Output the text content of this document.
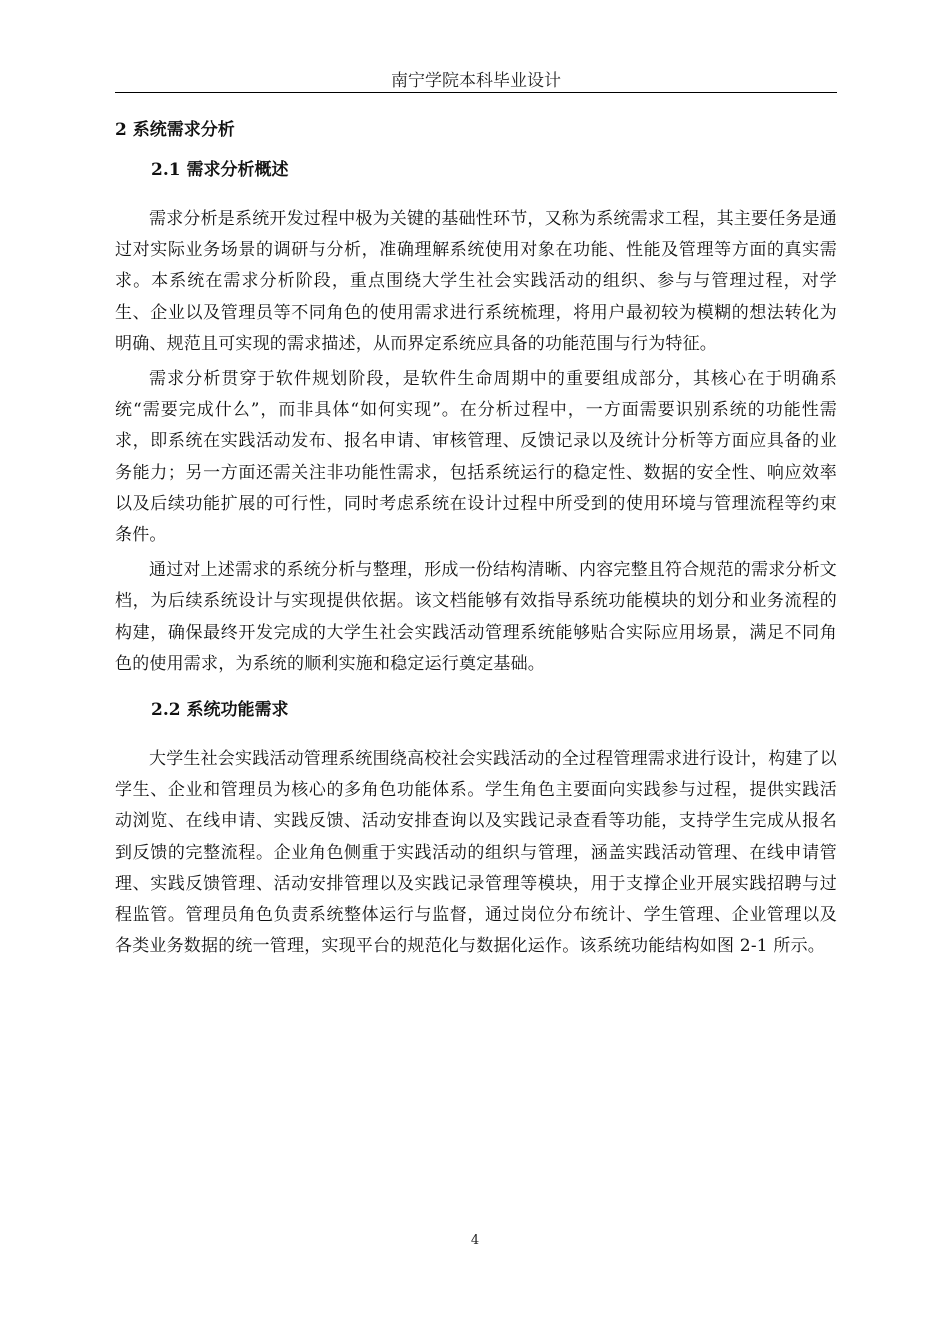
南宁学院本科毕业设计
2 系统需求分析
2.1 需求分析概述

需求分析是系统开发过程中极为关键的基础性环节，又称为系统需求工程，其主要任务是通过对实际业务场景的调研与分析，准确理解系统使用对象在功能、性能及管理等方面的真实需求。本系统在需求分析阶段，重点围绕大学生社会实践活动的组织、参与与管理过程，对学生、企业以及管理员等不同角色的使用需求进行系统梳理，将用户最初较为模糊的想法转化为明确、规范且可实现的需求描述，从而界定系统应具备的功能范围与行为特征。

需求分析贯穿于软件规划阶段，是软件生命周期中的重要组成部分，其核心在于明确系统“需要完成什么”，而非具体“如何实现”。在分析过程中，一方面需要识别系统的功能性需求，即系统在实践活动发布、报名申请、审核管理、反馈记录以及统计分析等方面应具备的业务能力；另一方面还需关注非功能性需求，包括系统运行的稳定性、数据的安全性、响应效率以及后续功能扩展的可行性，同时考虑系统在设计过程中所受到的使用环境与管理流程等约束条件。

通过对上述需求的系统分析与整理，形成一份结构清晰、内容完整且符合规范的需求分析文档，为后续系统设计与实现提供依据。该文档能够有效指导系统功能模块的划分和业务流程的构建，确保最终开发完成的大学生社会实践活动管理系统能够贴合实际应用场景，满足不同角色的使用需求，为系统的顺利实施和稳定运行奠定基础。

2.2 系统功能需求

大学生社会实践活动管理系统围绕高校社会实践活动的全过程管理需求进行设计，构建了以学生、企业和管理员为核心的多角色功能体系。学生角色主要面向实践参与过程，提供实践活动浏览、在线申请、实践反馈、活动安排查询以及实践记录查看等功能，支持学生完成从报名到反馈的完整流程。企业角色侧重于实践活动的组织与管理，涵盖实践活动管理、在线申请管理、实践反馈管理、活动安排管理以及实践记录管理等模块，用于支撑企业开展实践招聘与过程监管。管理员角色负责系统整体运行与监督，通过岗位分布统计、学生管理、企业管理以及各类业务数据的统一管理，实现平台的规范化与数据化运作。该系统功能结构如图 2-1 所示。

4
